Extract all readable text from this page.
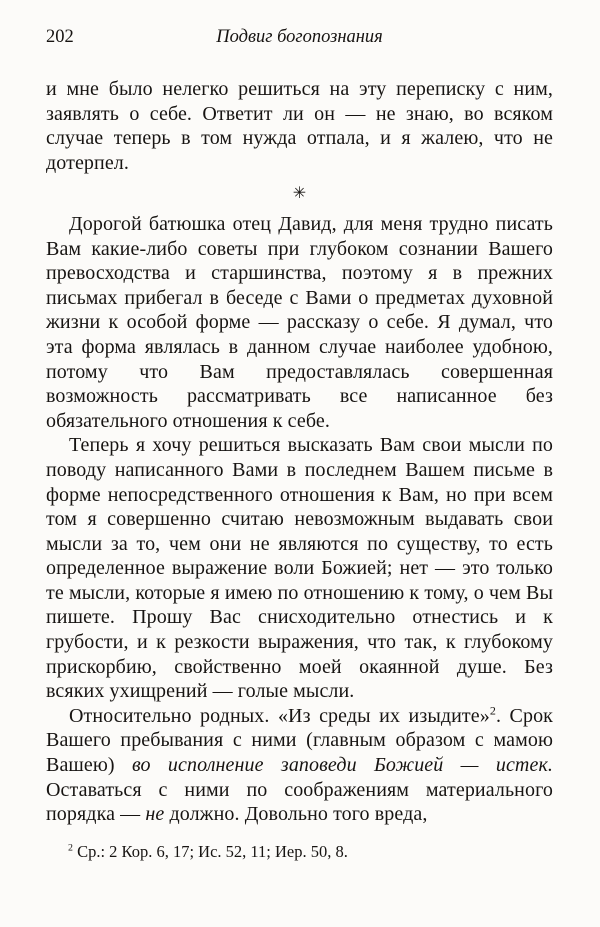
202	Подвиг богопознания

и мне было нелегко решиться на эту переписку с ним, заявлять о себе. Ответит ли он — не знаю, во всяком случае теперь в том нужда отпала, и я жалею, что не дотерпел.

✳

Дорогой батюшка отец Давид, для меня трудно писать Вам какие-либо советы при глубоком сознании Вашего превосходства и старшинства, поэтому я в прежних письмах прибегал в беседе с Вами о предметах духовной жизни к особой форме — рассказу о себе. Я думал, что эта форма являлась в данном случае наиболее удобною, потому что Вам предоставлялась совершенная возможность рассматривать все написанное без обязательного отношения к себе.

Теперь я хочу решиться высказать Вам свои мысли по поводу написанного Вами в последнем Вашем письме в форме непосредственного отношения к Вам, но при всем том я совершенно считаю невозможным выдавать свои мысли за то, чем они не являются по существу, то есть определенное выражение воли Божией; нет — это только те мысли, которые я имею по отношению к тому, о чем Вы пишете. Прошу Вас снисходительно отнестись и к грубости, и к резкости выражения, что так, к глубокому прискорбию, свойственно моей окаянной душе. Без всяких ухищрений — голые мысли.

Относительно родных. «Из среды их изыдите»$^2$. Срок Вашего пребывания с ними (главным образом с мамою Вашею) во исполнение заповеди Божией — истек. Оставаться с ними по соображениям материального порядка — не должно. Довольно того вреда,

$^2$ Ср.: 2 Кор. 6, 17; Ис. 52, 11; Иер. 50, 8.
